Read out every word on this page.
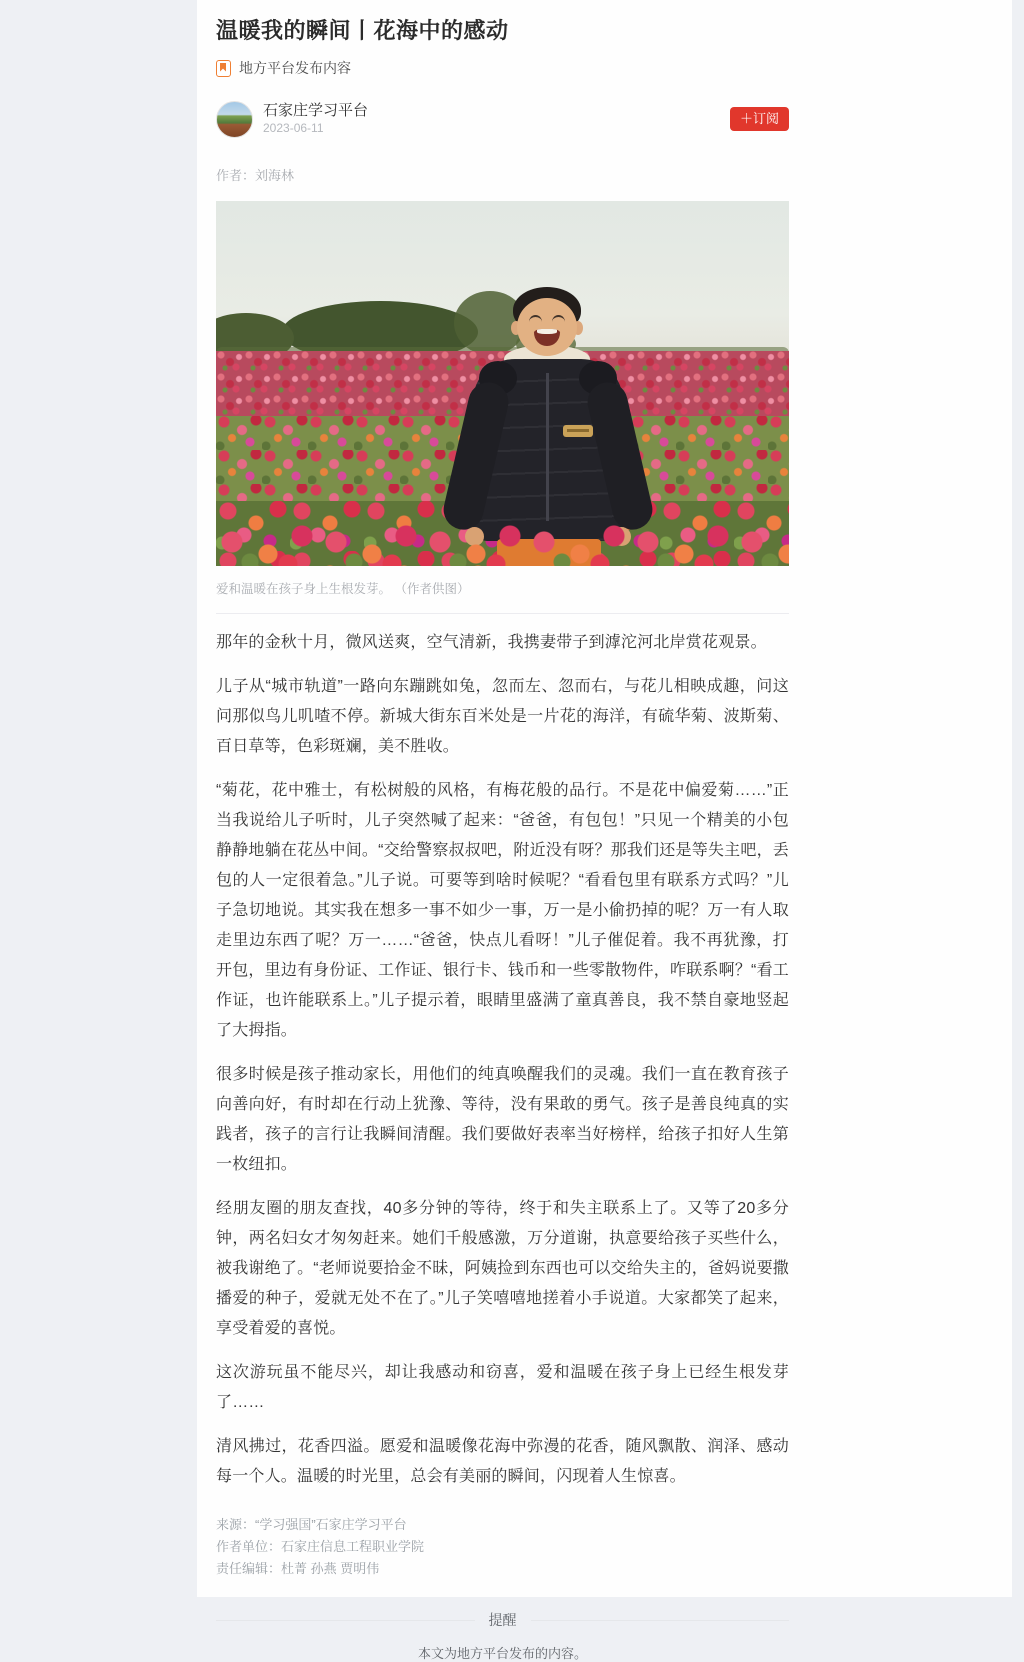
温暖我的瞬间丨花海中的感动
地方平台发布内容
石家庄学习平台
2023-06-11
＋订阅
作者：刘海林
爱和温暖在孩子身上生根发芽。 （作者供图）

那年的金秋十月，微风送爽，空气清新，我携妻带子到滹沱河北岸赏花观景。

儿子从“城市轨道”一路向东蹦跳如兔，忽而左、忽而右，与花儿相映成趣，问这问那似鸟儿叽喳不停。新城大街东百米处是一片花的海洋，有硫华菊、波斯菊、百日草等，色彩斑斓，美不胜收。

“菊花，花中雅士，有松树般的风格，有梅花般的品行。不是花中偏爱菊……”正当我说给儿子听时，儿子突然喊了起来：“爸爸，有包包！”只见一个精美的小包静静地躺在花丛中间。“交给警察叔叔吧，附近没有呀？那我们还是等失主吧，丢包的人一定很着急。”儿子说。可要等到啥时候呢？“看看包里有联系方式吗？”儿子急切地说。其实我在想多一事不如少一事，万一是小偷扔掉的呢？万一有人取走里边东西了呢？万一……“爸爸，快点儿看呀！”儿子催促着。我不再犹豫，打开包，里边有身份证、工作证、银行卡、钱币和一些零散物件，咋联系啊？“看工作证，也许能联系上。”儿子提示着，眼睛里盛满了童真善良，我不禁自豪地竖起了大拇指。

很多时候是孩子推动家长，用他们的纯真唤醒我们的灵魂。我们一直在教育孩子向善向好，有时却在行动上犹豫、等待，没有果敢的勇气。孩子是善良纯真的实践者，孩子的言行让我瞬间清醒。我们要做好表率当好榜样，给孩子扣好人生第一枚纽扣。

经朋友圈的朋友查找，40多分钟的等待，终于和失主联系上了。又等了20多分钟，两名妇女才匆匆赶来。她们千般感激，万分道谢，执意要给孩子买些什么，被我谢绝了。“老师说要拾金不昧，阿姨捡到东西也可以交给失主的，爸妈说要撒播爱的种子，爱就无处不在了。”儿子笑嘻嘻地搓着小手说道。大家都笑了起来，享受着爱的喜悦。

这次游玩虽不能尽兴，却让我感动和窃喜，爱和温暖在孩子身上已经生根发芽了……

清风拂过，花香四溢。愿爱和温暖像花海中弥漫的花香，随风飘散、润泽、感动每一个人。温暖的时光里，总会有美丽的瞬间，闪现着人生惊喜。

来源：“学习强国”石家庄学习平台
作者单位：石家庄信息工程职业学院
责任编辑：杜菁 孙燕 贾明伟
提醒
本文为地方平台发布的内容。
